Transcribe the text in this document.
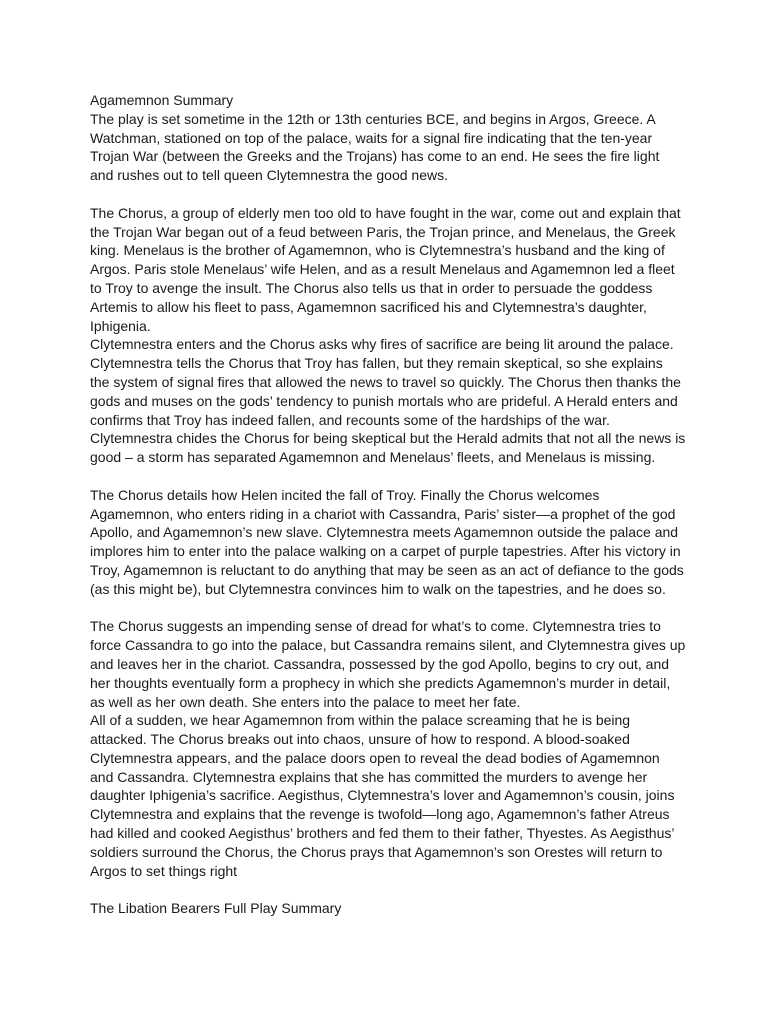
Agamemnon Summary
The play is set sometime in the 12th or 13th centuries BCE, and begins in Argos, Greece. A
Watchman, stationed on top of the palace, waits for a signal fire indicating that the ten-year
Trojan War (between the Greeks and the Trojans) has come to an end. He sees the fire light
and rushes out to tell queen Clytemnestra the good news.
The Chorus, a group of elderly men too old to have fought in the war, come out and explain that
the Trojan War began out of a feud between Paris, the Trojan prince, and Menelaus, the Greek
king. Menelaus is the brother of Agamemnon, who is Clytemnestra’s husband and the king of
Argos. Paris stole Menelaus’ wife Helen, and as a result Menelaus and Agamemnon led a fleet
to Troy to avenge the insult. The Chorus also tells us that in order to persuade the goddess
Artemis to allow his fleet to pass, Agamemnon sacrificed his and Clytemnestra’s daughter,
Iphigenia.
Clytemnestra enters and the Chorus asks why fires of sacrifice are being lit around the palace.
Clytemnestra tells the Chorus that Troy has fallen, but they remain skeptical, so she explains
the system of signal fires that allowed the news to travel so quickly. The Chorus then thanks the
gods and muses on the gods’ tendency to punish mortals who are prideful. A Herald enters and
confirms that Troy has indeed fallen, and recounts some of the hardships of the war.
Clytemnestra chides the Chorus for being skeptical but the Herald admits that not all the news is
good – a storm has separated Agamemnon and Menelaus’ fleets, and Menelaus is missing.
The Chorus details how Helen incited the fall of Troy. Finally the Chorus welcomes
Agamemnon, who enters riding in a chariot with Cassandra, Paris’ sister—a prophet of the god
Apollo, and Agamemnon’s new slave. Clytemnestra meets Agamemnon outside the palace and
implores him to enter into the palace walking on a carpet of purple tapestries. After his victory in
Troy, Agamemnon is reluctant to do anything that may be seen as an act of defiance to the gods
(as this might be), but Clytemnestra convinces him to walk on the tapestries, and he does so.
The Chorus suggests an impending sense of dread for what’s to come. Clytemnestra tries to
force Cassandra to go into the palace, but Cassandra remains silent, and Clytemnestra gives up
and leaves her in the chariot. Cassandra, possessed by the god Apollo, begins to cry out, and
her thoughts eventually form a prophecy in which she predicts Agamemnon’s murder in detail,
as well as her own death. She enters into the palace to meet her fate.
All of a sudden, we hear Agamemnon from within the palace screaming that he is being
attacked. The Chorus breaks out into chaos, unsure of how to respond. A blood-soaked
Clytemnestra appears, and the palace doors open to reveal the dead bodies of Agamemnon
and Cassandra. Clytemnestra explains that she has committed the murders to avenge her
daughter Iphigenia’s sacrifice. Aegisthus, Clytemnestra’s lover and Agamemnon’s cousin, joins
Clytemnestra and explains that the revenge is twofold—long ago, Agamemnon’s father Atreus
had killed and cooked Aegisthus’ brothers and fed them to their father, Thyestes. As Aegisthus’
soldiers surround the Chorus, the Chorus prays that Agamemnon’s son Orestes will return to
Argos to set things right
The Libation Bearers Full Play Summary
